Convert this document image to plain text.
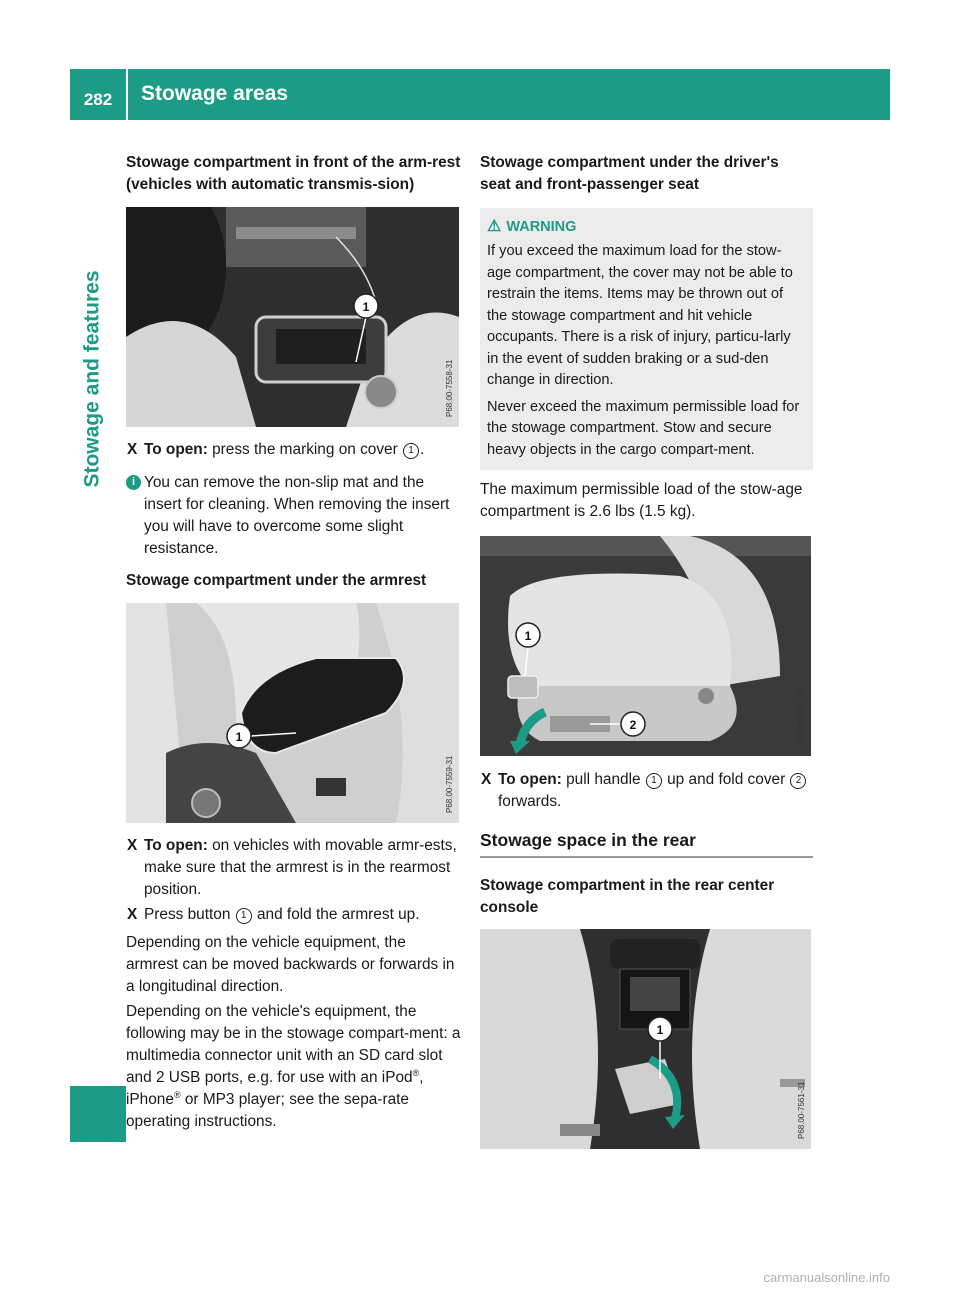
282	Stowage areas
Stowage and features

Stowage compartment in front of the arm-rest (vehicles with automatic transmis-sion)

1
P68.00-7558-31
X To open: press the marking on cover 1 .
i You can remove the non-slip mat and the insert for cleaning. When removing the insert you will have to overcome some slight resistance.

Stowage compartment under the armrest

1
P68.00-7559-31
X To open: on vehicles with movable armr-ests, make sure that the armrest is in the rearmost position.
X Press button 1 and fold the armrest up.

Depending on the vehicle equipment, the armrest can be moved backwards or forwards in a longitudinal direction.

Depending on the vehicle's equipment, the following may be in the stowage compart-ment: a multimedia connector unit with an SD card slot and 2 USB ports, e.g. for use with an iPod®, iPhone® or MP3 player; see the sepa-rate operating instructions.

Stowage compartment under the driver's seat and front-passenger seat

⚠ WARNING

If you exceed the maximum load for the stow-age compartment, the cover may not be able to restrain the items. Items may be thrown out of the stowage compartment and hit vehicle occupants. There is a risk of injury, particu-larly in the event of sudden braking or a sud-den change in direction.

Never exceed the maximum permissible load for the stowage compartment. Stow and secure heavy objects in the cargo compart-ment.

The maximum permissible load of the stow-age compartment is 2.6 lbs (1.5 kg).

1
2	P68.00-7557-31
X To open: pull handle 1 up and fold cover 2 forwards.

Stowage space in the rear

Stowage compartment in the rear center console

1
P68.00-7561-31
carmanualsonline.info
